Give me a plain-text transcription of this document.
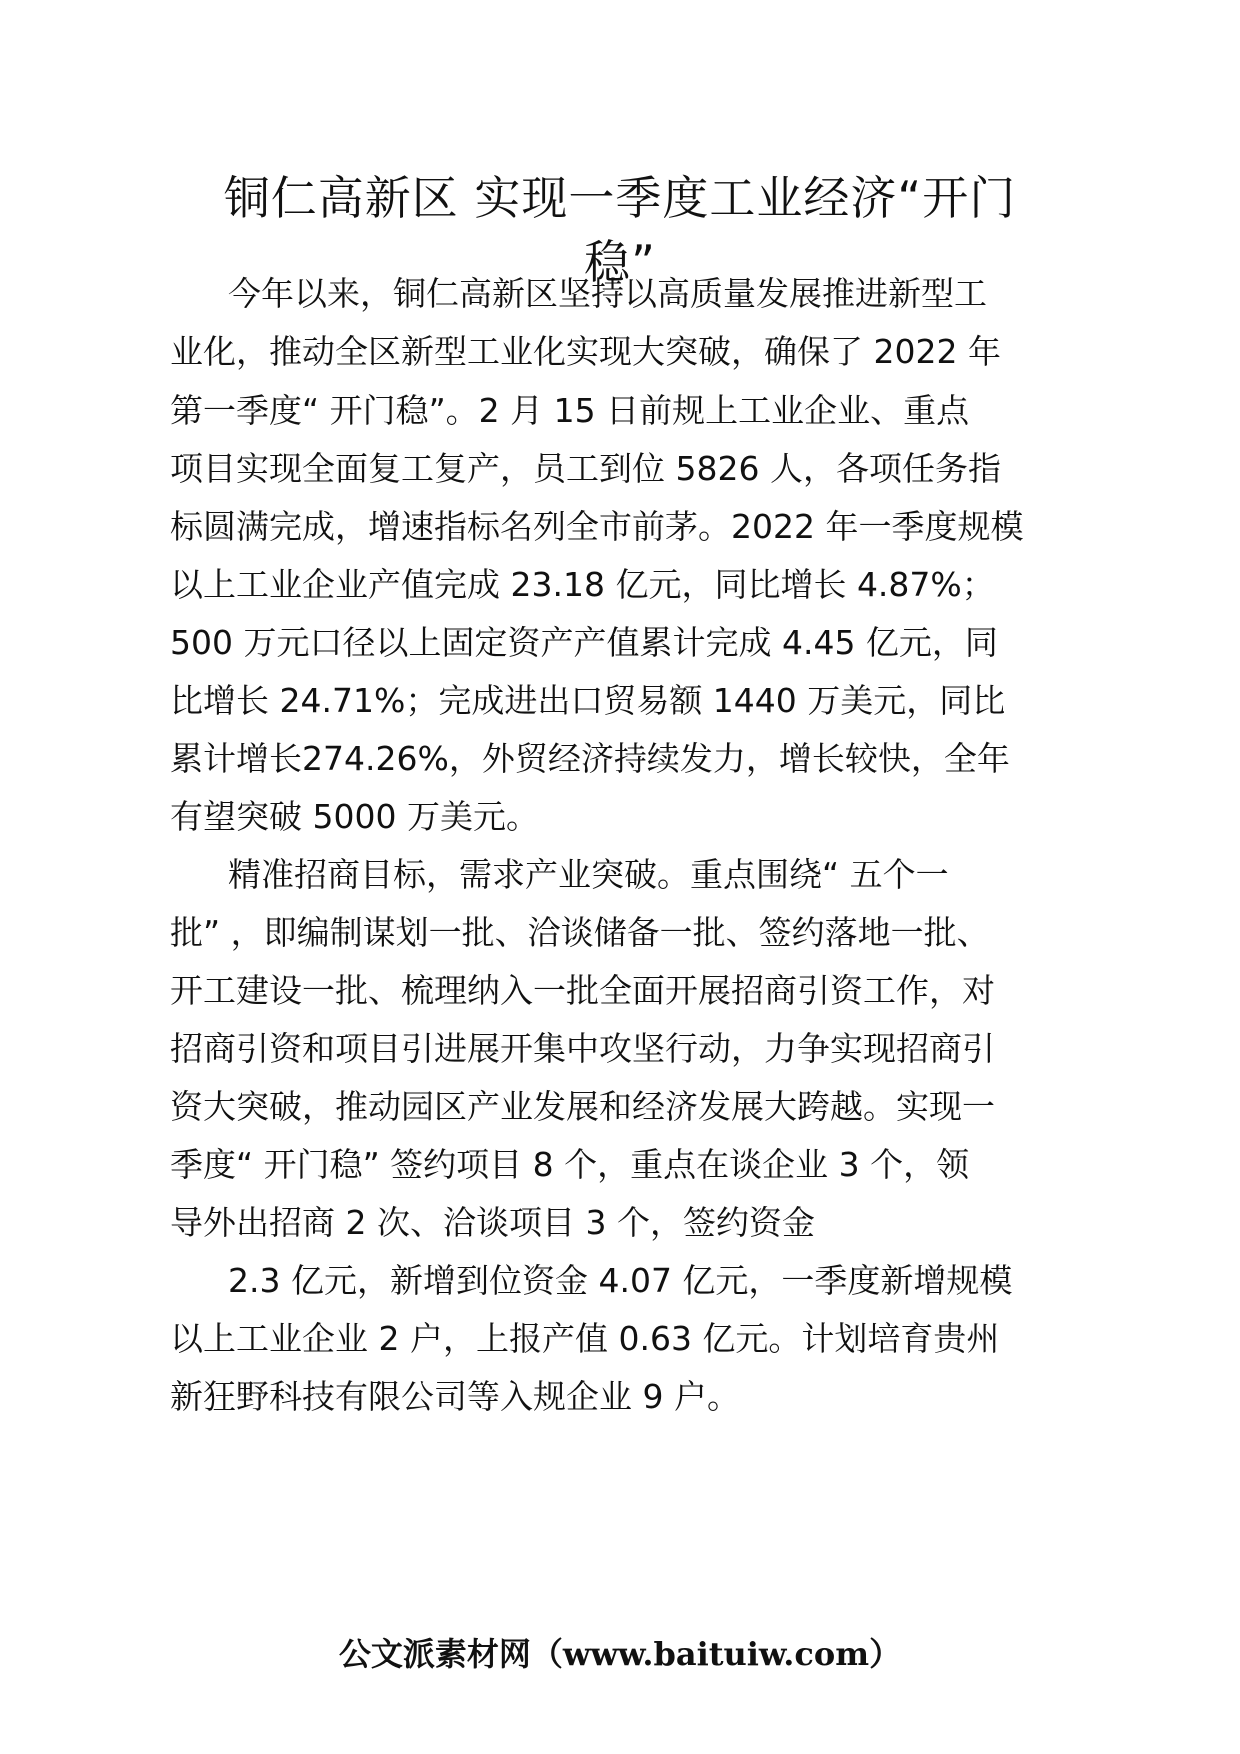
铜仁高新区 实现一季度工业经济“开门
稳”

今年以来，铜仁高新区坚持以高质量发展推进新型工

业化，推动全区新型工业化实现大突破，确保了 2022 年

第一季度“ 开门稳”。2 月 15 日前规上工业企业、重点

项目实现全面复工复产，员工到位 5826 人，各项任务指

标圆满完成，增速指标名列全市前茅。2022 年一季度规模

以上工业企业产值完成 23.18 亿元，同比增长 4.87%；

500 万元口径以上固定资产产值累计完成 4.45 亿元，同

比增长 24.71%；完成进出口贸易额 1440 万美元，同比

累计增长274.26%，外贸经济持续发力，增长较快，全年

有望突破 5000 万美元。

精准招商目标，需求产业突破。重点围绕“ 五个一

批” ，即编制谋划一批、洽谈储备一批、签约落地一批、

开工建设一批、梳理纳入一批全面开展招商引资工作，对

招商引资和项目引进展开集中攻坚行动，力争实现招商引

资大突破，推动园区产业发展和经济发展大跨越。实现一

季度“ 开门稳” 签约项目 8 个，重点在谈企业 3 个，领

导外出招商 2 次、洽谈项目 3 个，签约资金

2.3 亿元，新增到位资金 4.07 亿元，一季度新增规模

以上工业企业 2 户，上报产值 0.63 亿元。计划培育贵州

新狂野科技有限公司等入规企业 9 户。

公文派素材网（www.baituiw.com）
